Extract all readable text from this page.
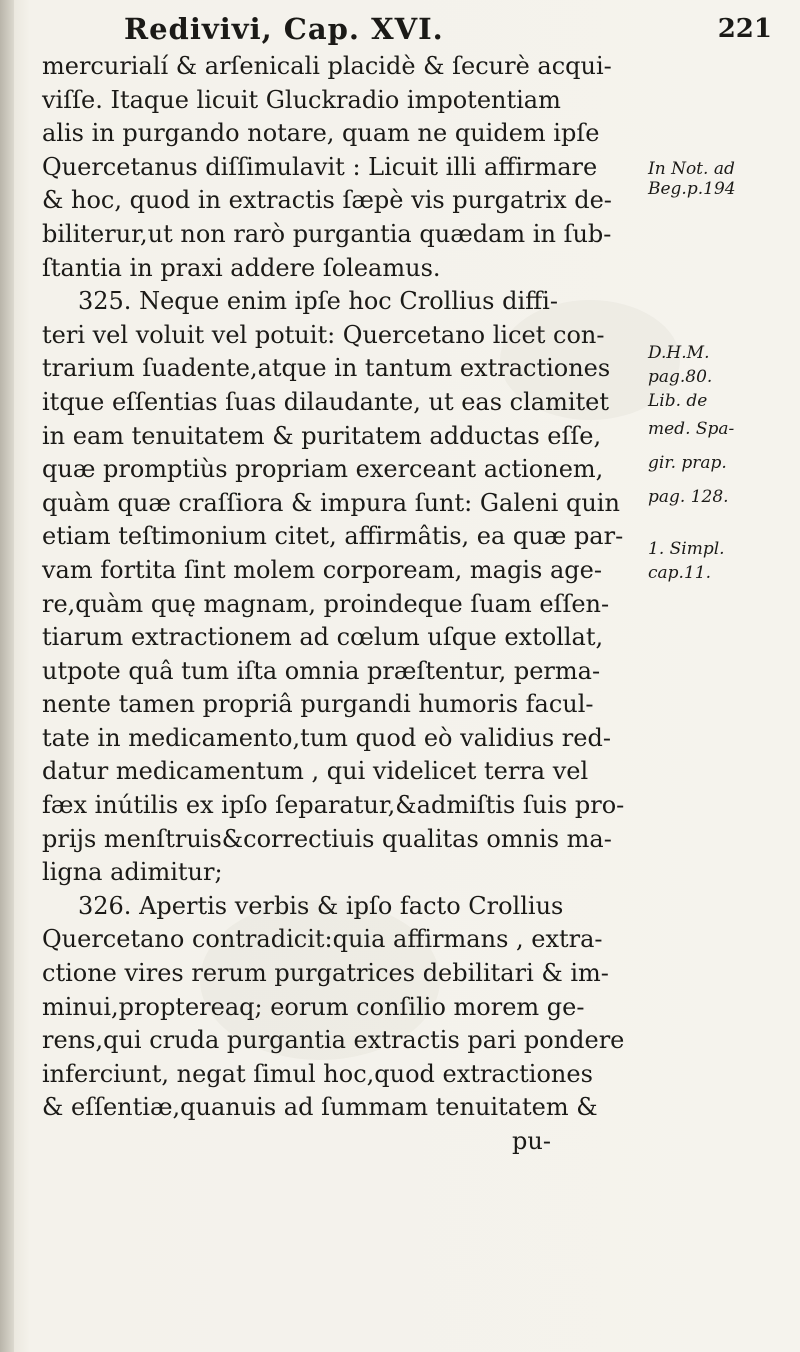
Redivivi, Cap. XVI.	221
mercurialí & arſenicali placidè & ſecurè acqui-
viſſe. Itaque licuit Gluckradio impotentiam
alis in purgando notare, quam ne quidem ipſe
Quercetanus diſſimulavit : Licuit illi affirmare
& hoc, quod in extractis ſæpè vis purgatrix de-
biliterur,ut non rarò purgantia quædam in ſub-
ſtantia in praxi addere ſoleamus.
325. Neque enim ipſe hoc Crollius diffi-
teri vel voluit vel potuit: Quercetano licet con-
trarium ſuadente,atque in tantum extractiones
itque eſſentias ſuas dilaudante, ut eas clamitet
in eam tenuitatem & puritatem adductas eſſe,
quæ promptiùs propriam exerceant actionem,
quàm quæ craſſiora & impura ſunt: Galeni quin
etiam teſtimonium citet, affirmâtis, ea quæ par-
vam fortita ſint molem corpoream, magis age-
re,quàm quę magnam, proindeque ſuam eſſen-
tiarum extractionem ad cœlum uſque extollat,
utpote quâ tum iſta omnia præſtentur, perma-
nente tamen propriâ purgandi humoris facul-
tate in medicamento,tum quod eò validius red-
datur medicamentum , qui videlicet terra vel
fæx inútilis ex ipſo ſeparatur,&admiſtis ſuis pro-
prijs menſtruis&correctiuis qualitas omnis ma-
ligna adimitur;
326. Apertis verbis & ipſo facto Crollius
Quercetano contradicit:quia affirmans , extra-
ctione vires rerum purgatrices debilitari & im-
minui,proptereaq; eorum conſilio morem ge-
rens,qui cruda purgantia extractis pari pondere
inferciunt, negat ſimul hoc,quod extractiones
& eſſentiæ,quanuis ad ſummam tenuitatem &
pu-
In Not. ad
Beg.p.194
D.H.M.
pag.80.
Lib. de
med. Spa-
gir. prap.
pag. 128.
1. Simpl.
cap.11.
